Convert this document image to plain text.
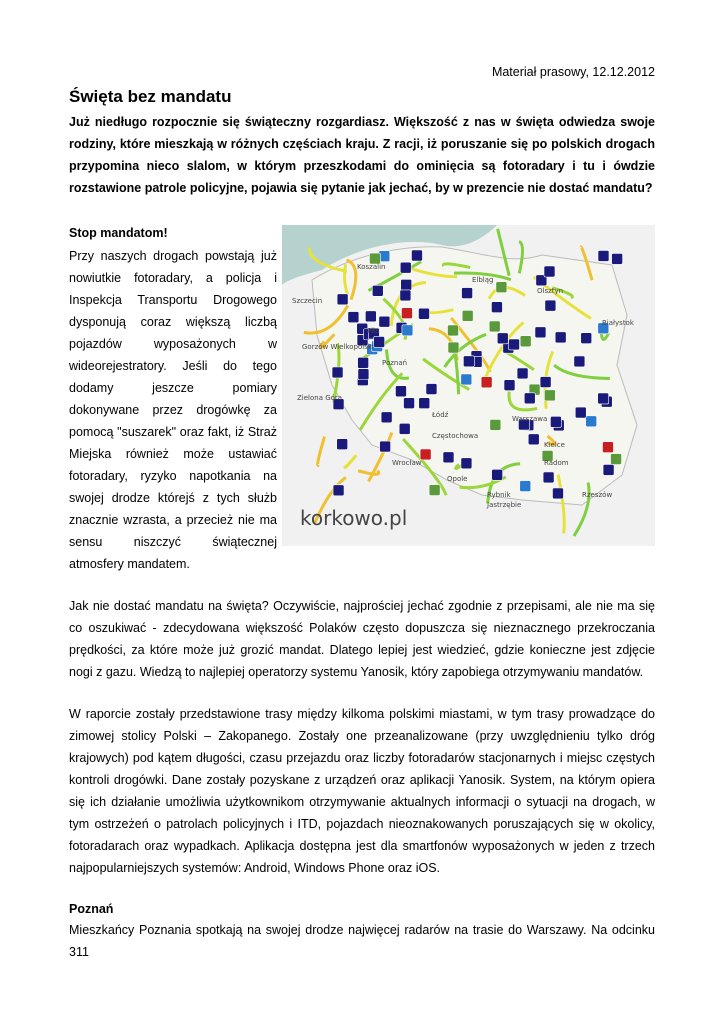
Materiał prasowy, 12.12.2012
Święta bez mandatu
Już niedługo rozpocznie się świąteczny rozgardiasz. Większość z nas w święta odwiedza swoje rodziny, które mieszkają w różnych częściach kraju. Z racji, iż poruszanie się po polskich drogach przypomina nieco slalom, w którym przeszkodami do ominięcia są fotoradary i tu i ówdzie rozstawione patrole policyjne, pojawia się pytanie jak jechać, by w prezencie nie dostać mandatu?
Stop mandatom!
Przy naszych drogach powstają już nowiutkie fotoradary, a policja i Inspekcja Transportu Drogowego dysponują coraz większą liczbą pojazdów wyposażonych w wideorejestratory. Jeśli do tego dodamy jeszcze pomiary dokonywane przez drogówkę za pomocą "suszarek" oraz fakt, iż Straż Miejska również może ustawiać fotoradary, ryzyko napotkania na swojej drodze którejś z tych służb znacznie wzrasta, a przecież nie ma sensu niszczyć świątecznej atmosfery mandatem.
Koszalin
Elbląg
Szczecin
Olsztyn
Białystok
Gorzów Wielkopolski
Piła
Zielona Góra
Warszawa
Radom
Kielce
Częstochowa
Opole
Wrocław
Rybnik
Jastrzębie
Rzeszów
Łódź
Poznań
korkowo.pl
Jak nie dostać mandatu na święta? Oczywiście, najprościej jechać zgodnie z przepisami, ale nie ma się co oszukiwać - zdecydowana większość Polaków często dopuszcza się nieznacznego przekroczania prędkości, za które może już grozić mandat. Dlatego lepiej jest wiedzieć, gdzie konieczne jest zdjęcie nogi z gazu. Wiedzą to najlepiej operatorzy systemu Yanosik, który zapobiega otrzymywaniu mandatów.
W raporcie zostały przedstawione trasy między kilkoma polskimi miastami, w tym trasy prowadzące do zimowej stolicy Polski – Zakopanego. Zostały one przeanalizowane (przy uwzględnieniu tylko dróg krajowych) pod kątem długości, czasu przejazdu oraz liczby fotoradarów stacjonarnych i miejsc częstych kontroli drogówki. Dane zostały pozyskane z urządzeń oraz aplikacji Yanosik. System, na którym opiera się ich działanie umożliwia użytkownikom otrzymywanie aktualnych informacji o sytuacji na drogach, w tym ostrzeżeń o patrolach policyjnych i ITD, pojazdach nieoznakowanych poruszających się w okolicy, fotoradarach oraz wypadkach. Aplikacja dostępna jest dla smartfonów wyposażonych w jeden z trzech najpopularniejszych systemów: Android, Windows Phone oraz iOS.
Poznań
Mieszkańcy Poznania spotkają na swojej drodze najwięcej radarów na trasie do Warszawy. Na odcinku 311
